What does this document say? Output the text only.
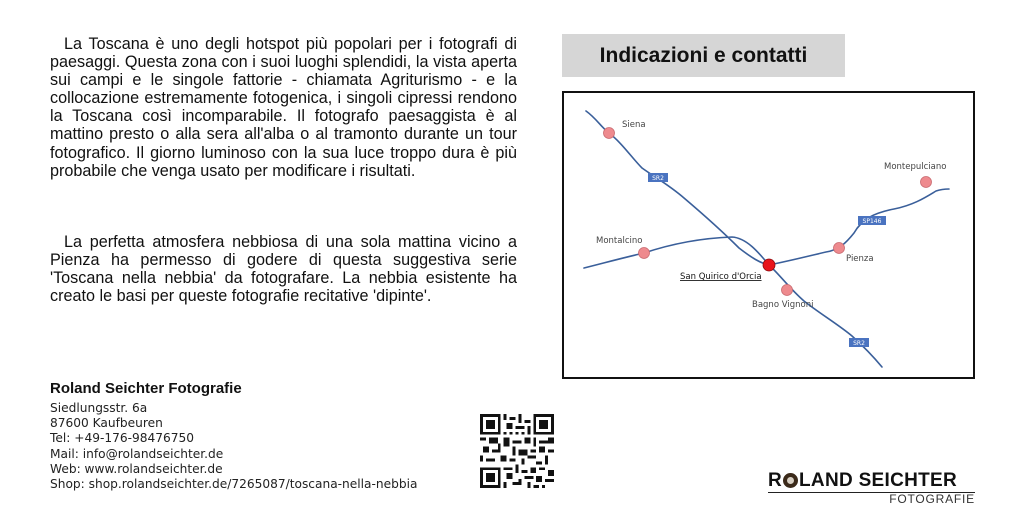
La Toscana è uno degli hotspot più popolari per i fotografi di paesaggi. Questa zona con i suoi luoghi splendidi, la vista aperta sui campi e le singole fattorie - chiamata Agriturismo - e la collocazione estremamente fotogenica, i singoli cipressi rendono la Toscana così incomparabile. Il fotografo paesaggista è al mattino presto o alla sera all'alba o al tramonto durante un tour fotografico. Il giorno luminoso con la sua luce troppo dura è più probabile che venga usato per modificare i risultati.

La perfetta atmosfera nebbiosa di una sola mattina vicino a Pienza ha permesso di godere di questa suggestiva serie 'Toscana nella nebbia' da fotografare. La nebbia esistente ha creato le basi per queste fotografie recitative 'dipinte'.

Indicazioni e contatti
SR2
SP146
SR2
Siena
Montepulciano
Montalcino
Pienza
San Quirico d'Orcia
Bagno Vignoni
Roland Seichter Fotografie
Siedlungsstr. 6a
87600 Kaufbeuren
Tel: +49-176-98476750
Mail: info@rolandseichter.de
Web: www.rolandseichter.de
Shop: shop.rolandseichter.de/7265087/toscana-nella-nebbia	R LAND SEICHTER
FOTOGRAFIE
